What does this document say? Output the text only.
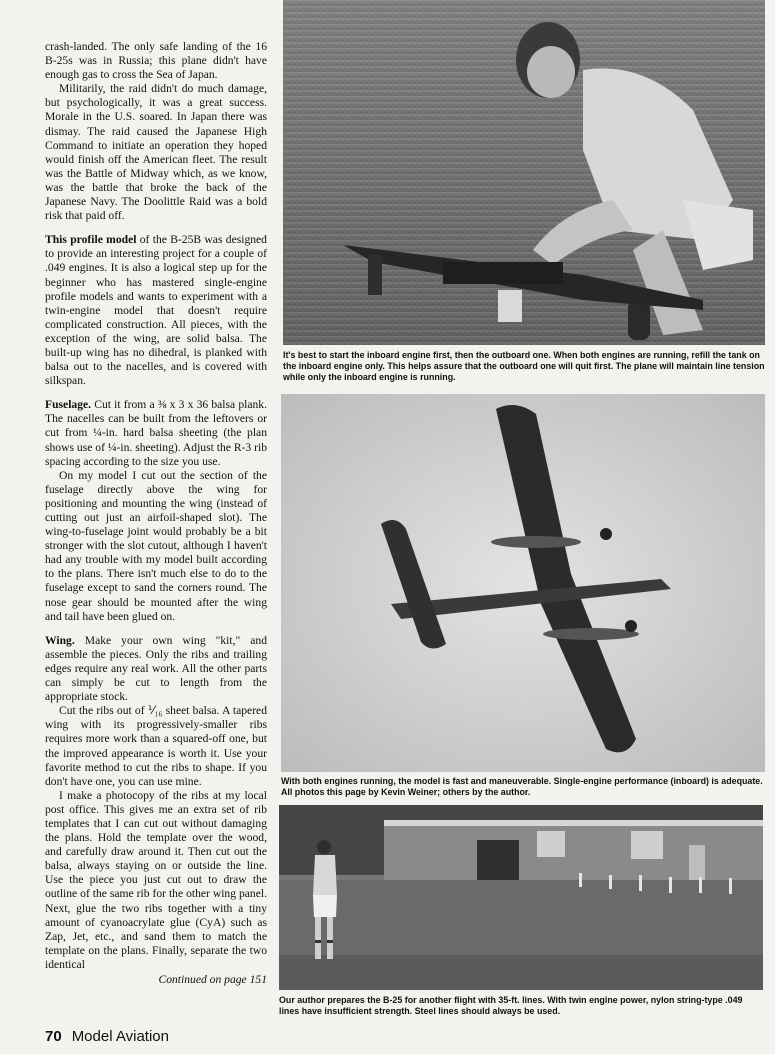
crash-landed. The only safe landing of the 16 B-25s was in Russia; this plane didn't have enough gas to cross the Sea of Japan.

Militarily, the raid didn't do much damage, but psychologically, it was a great success. Morale in the U.S. soared. In Japan there was dismay. The raid caused the Japanese High Command to initiate an operation they hoped would finish off the American fleet. The result was the Battle of Midway which, as we know, was the battle that broke the back of the Japanese Navy. The Doolittle Raid was a bold risk that paid off.

This profile model of the B-25B was designed to provide an interesting project for a couple of .049 engines. It is also a logical step up for the beginner who has mastered single-engine profile models and wants to experiment with a twin-engine model that doesn't require complicated construction. All pieces, with the exception of the wing, are solid balsa. The built-up wing has no dihedral, is planked with balsa out to the nacelles, and is covered with silkspan.

Fuselage. Cut it from a ⅜ x 3 x 36 balsa plank. The nacelles can be built from the leftovers or cut from ¼-in. hard balsa sheeting (the plan shows use of ¼-in. sheeting). Adjust the R-3 rib spacing according to the size you use.

On my model I cut out the section of the fuselage directly above the wing for positioning and mounting the wing (instead of cutting out just an airfoil-shaped slot). The wing-to-fuselage joint would probably be a bit stronger with the slot cutout, although I haven't had any trouble with my model built according to the plans. There isn't much else to do to the fuselage except to sand the corners round. The nose gear should be mounted after the wing and tail have been glued on.

Wing. Make your own wing "kit," and assemble the pieces. Only the ribs and trailing edges require any real work. All the other parts can simply be cut to length from the appropriate stock.

Cut the ribs out of ⅟₁₆ sheet balsa. A tapered wing with its progressively-smaller ribs requires more work than a squared-off one, but the improved appearance is worth it. Use your favorite method to cut the ribs to shape. If you don't have one, you can use mine.

I make a photocopy of the ribs at my local post office. This gives me an extra set of rib templates that I can cut out without damaging the plans. Hold the template over the wood, and carefully draw around it. Then cut out the balsa, always staying on or outside the line. Use the piece you just cut out to draw the outline of the same rib for the other wing panel. Next, glue the two ribs together with a tiny amount of cyanoacrylate glue (CyA) such as Zap, Jet, etc., and sand them to match the template on the plans. Finally, separate the two identical

Continued on page 151

It's best to start the inboard engine first, then the outboard one. When both engines are running, refill the tank on the inboard engine only. This helps assure that the outboard one will quit first. The plane will maintain line tension while only the inboard engine is running.
With both engines running, the model is fast and maneuverable. Single-engine performance (inboard) is adequate. All photos this page by Kevin Weiner; others by the author.
Our author prepares the B-25 for another flight with 35-ft. lines. With twin engine power, nylon string-type .049 lines have insufficient strength. Steel lines should always be used.
70 Model Aviation
